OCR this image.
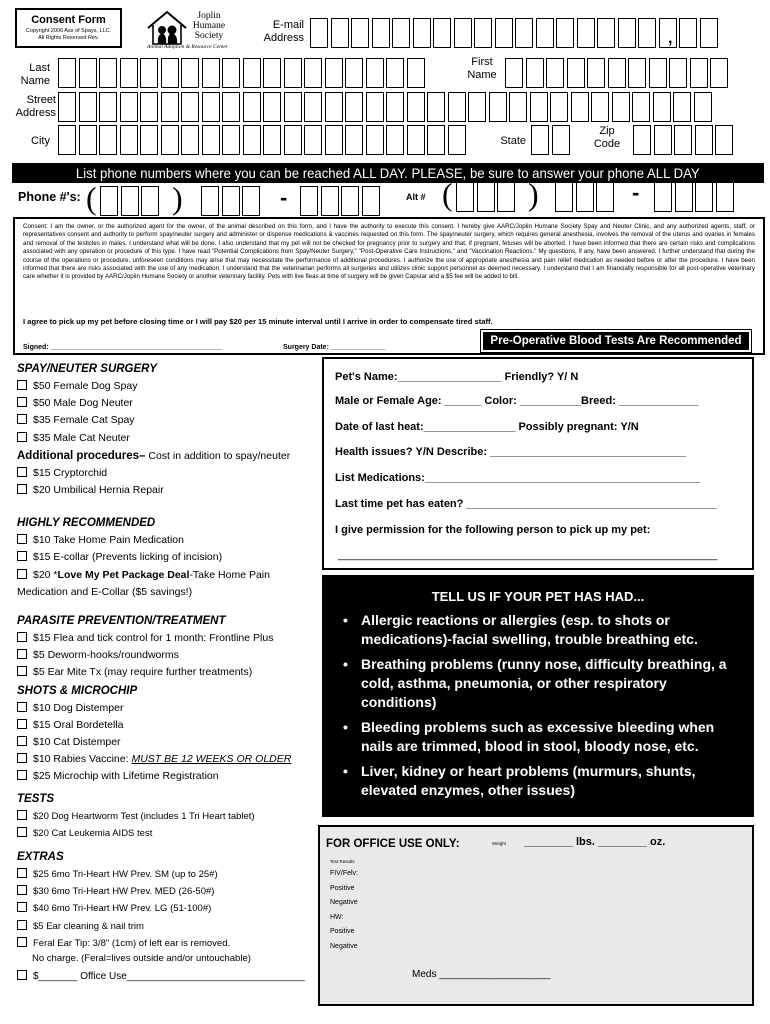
Consent Form
Copyright 2006 Ass of Spays, LLC. All Rights Reserved Rev.
Joplin Humane Society
Animal Adoption & Resource Center
E-mail Address	,
Last Name
First Name
Street Address
City	State
Zip Code
List phone numbers where you can be reached ALL DAY. PLEASE, be sure to answer your phone ALL DAY
Phone #'s: ( )	-	Alt # ( )	-
Consent: I am the owner, or the authorized agent for the owner, of the animal described on this form, and I have the authority to execute this consent. I hereby give AARC/Joplin Humane Society Spay and Neuter Clinic, and any authorized agents, staff, or representatives consent and authority to perform spay/neuter surgery and administer or dispense medications & vaccines requested on this form. The spay/neuter surgery, which requires general anesthesia, involves the removal of the uterus and ovaries in females and removal of the testicles in males. I understand what will be done. I also understand that my pet will not be checked for pregnancy prior to surgery and that, if pregnant, fetuses will be aborted. I have been informed that there are certain risks and complications associated with any operation or procedure of this type. I have read "Potential Complications from Spay/Neuter Surgery," "Post-Operative Care Instructions," and "Vaccination Reactions." My questions, if any, have been answered. I further understand that during the course of the operations or procedure, unforeseen conditions may arise that may necessitate the performance of additional procedures. I authorize the use of appropriate anesthesia and pain relief medication as needed before or after the procedure. I have been informed that there are risks associated with the use of any medication. I understand that the veterinarian performs all surgeries and utilizes clinic support personnel as deemed necessary. I understand that I am financially responsible for all post-operative veterinary care whether it is provided by AARC/Joplin Humane Society or another veterinary facility. Pets with live fleas at time of surgery will be given Capstar and a $5 fee will be added to bill.
I agree to pick up my pet before closing time or I will pay $20 per 15 minute interval until I arrive in order to compensate tired staff.
Signed: ____________________________________________	Surgery Date: ______________
Pre-Operative Blood Tests Are Recommended
SPAY/NEUTER SURGERY
$50 Female Dog Spay
$50 Male Dog Neuter
$35 Female Cat Spay
$35 Male Cat Neuter
Additional procedures– Cost in addition to spay/neuter
$15 Cryptorchid
$20 Umbilical Hernia Repair
HIGHLY RECOMMENDED
$10 Take Home Pain Medication
$15 E-collar (Prevents licking of incision)
$20 *Love My Pet Package Deal-Take Home Pain
Medication and E-Collar ($5 savings!)
PARASITE PREVENTION/TREATMENT
$15 Flea and tick control for 1 month: Frontline Plus
$5 Deworm-hooks/roundworms
$5 Ear Mite Tx (may require further treatments)
SHOTS & MICROCHIP
$10 Dog Distemper
$15 Oral Bordetella
$10 Cat Distemper
$10 Rabies Vaccine: MUST BE 12 WEEKS OR OLDER
$25 Microchip with Lifetime Registration
TESTS
$20 Dog Heartworm Test (includes 1 Tri Heart tablet)
$20 Cat Leukemia AIDS test
EXTRAS
$25 6mo Tri-Heart HW Prev. SM (up to 25#)
$30 6mo Tri-Heart HW Prev. MED (26-50#)
$40 6mo Tri-Heart HW Prev. LG (51-100#)
$5 Ear cleaning & nail trim
Feral Ear Tip: 3/8" (1cm) of left ear is removed.
No charge. (Feral=lives outside and/or untouchable)
$_______ Office Use________________________________
Pet's Name:_________________ Friendly? Y/ N
Male or Female Age: ______ Color: __________Breed: _____________
Date of last heat:_______________ Possibly pregnant: Y/N
Health issues? Y/N Describe: ________________________________
List Medications:_____________________________________________
Last time pet has eaten? _________________________________________
I give permission for the following person to pick up my pet:
______________________________________________________________
TELL US IF YOUR PET HAS HAD...
• Allergic reactions or allergies (esp. to shots or medications)-facial swelling, trouble breathing etc.
• Breathing problems (runny nose, difficulty breathing, a cold, asthma, pneumonia, or other respiratory conditions)
• Bleeding problems such as excessive bleeding when nails are trimmed, blood in stool, bloody nose, etc.
• Liver, kidney or heart problems (murmurs, shunts, elevated enzymes, other issues)
FOR OFFICE USE ONLY:	Weight ________ lbs. ________ oz.
Test Results
FIV/Felv:
Positive
Negative
HW:
Positive
Negative
Meds ____________________
